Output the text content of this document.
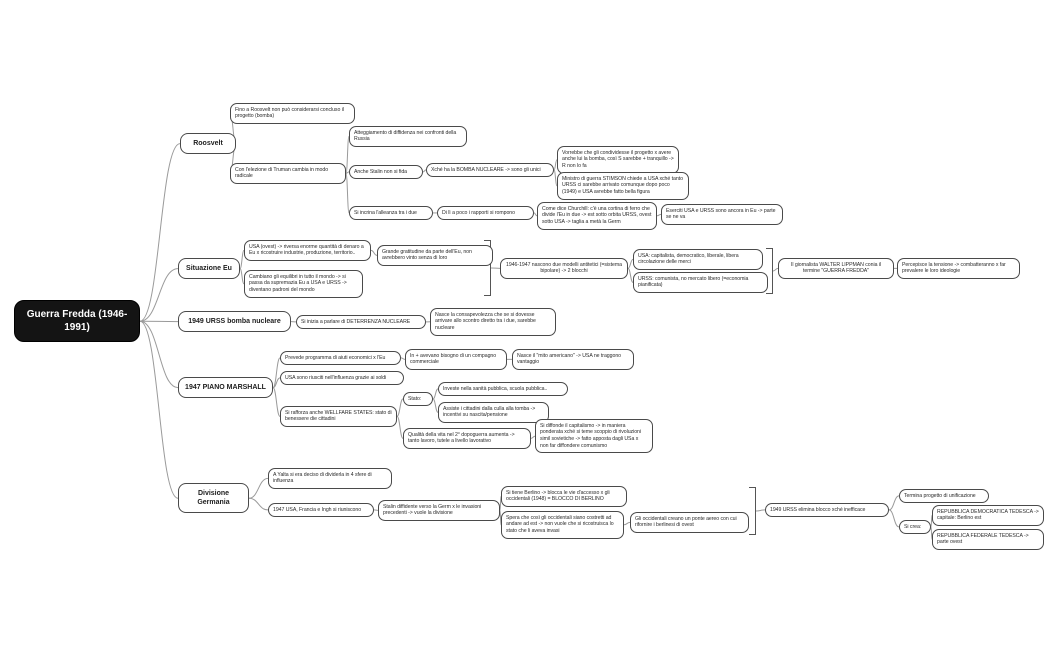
Guerra Fredda (1946-1991)
Roosvelt
Situazione Eu
1949 URSS bomba nucleare
1947 PIANO MARSHALL
Divisione Germania
Fino a Roosvelt non può considerarsi concluso il progetto (bomba)
Con l'elezione di Truman cambia in modo radicale
Atteggiamento di diffidenza nei confronti della Russia
Anche Stalin non si fida	Xché ha la BOMBA NUCLEARE -> sono gli unici
Vorrebbe che gli condividesse il progetto x avere anche lui la bomba, così S sarebbe + tranquillo -> R non lo fa
Ministro di guerra STIMSON chiede a USA xché tanto URSS ci sarebbe arrivato comunque dopo poco (1949) e USA avrebbe fatto bella figura
Si incrina l'alleanza tra i due	Di lì a poco i rapporti si rompono
Come dice Churchill: c'è una cortina di ferro che divide l'Eu in due -> est sotto orbita URSS, ovest sotto USA -> taglia a metà la Germ
Eserciti USA e URSS sono ancora in Eu -> parte se ne va
USA (ovest) -> riversa enorme quantità di denaro a Eu x ricostruire industrie, produzione, territorio..	Grande gratitudine da parte dell'Eu, non avrebbero vinto senza di loro
Cambiano gli equilibri in tutto il mondo -> si passa da supremazia Eu a USA e URSS -> diventano padroni del mondo
1946-1947 nascono due modelli antitetici (=sistema bipolare) -> 2 blocchi
USA: capitalista, democratico, liberale, libera circolazione delle merci
URSS: comunista, no mercato libero (=economia pianificata)
Il giornalista WALTER LIPPMAN conia il termine "GUERRA FREDDA"
Percepisce la tensione -> combatteranno x far prevalere le loro ideologie
Si inizia a parlare di DETERRENZA NUCLEARE
Nasce la consapevolezza che se si dovesse arrivare allo scontro diretto tra i due, sarebbe nucleare
Prevede programma di aiuti economici x l'Eu	In + avevano bisogno di un compagno commerciale
Nasce il "mito americano" -> USA ne traggono vantaggio
USA sono riusciti nell'influenza grazie ai soldi
Si rafforza anche WELLFARE STATES: stato di benessere die cittadini
Stato:
Investe nella sanità pubblica, scuola pubblica..
Assiste i cittadini dalla culla alla tomba -> incentivi su nascita/pensione
Qualità della vita nel 2° dopoguerra aumenta -> tanto lavoro, tutele a livello lavorativo
Si diffonde il capitalismo -> in maniera ponderata xché si teme scoppio di rivoluzioni simil sovietiche -> fatto apposta dagli USa x non far diffondere comunismo
A Yalta si era deciso di dividerla in 4 sfere di influenza
1947 USA, Francia e Ingh si riuniscono	Stalin diffidente verso la Germ x le invasioni precedenti -> vuole la divisione
Si tiene Berlino -> blocca le vie d'accesso x gli occidentali (1948) = BLOCCO DI BERLINO
Spera che così gli occidentali siano costretti ad andare ad est -> non vuole che si ricostruisca lo stato che li aveva invasi
Gli occidentali creano un ponte aereo con cui rifornire i berlinesi di ovest
1949 URSS elimina blocco xché inefficace
Termina progetto di unificazione
Si crea:
REPUBBLICA DEMOCRATICA TEDESCA -> capitale: Berlino est
REPUBBLICA FEDERALE TEDESCA -> parte ovest
